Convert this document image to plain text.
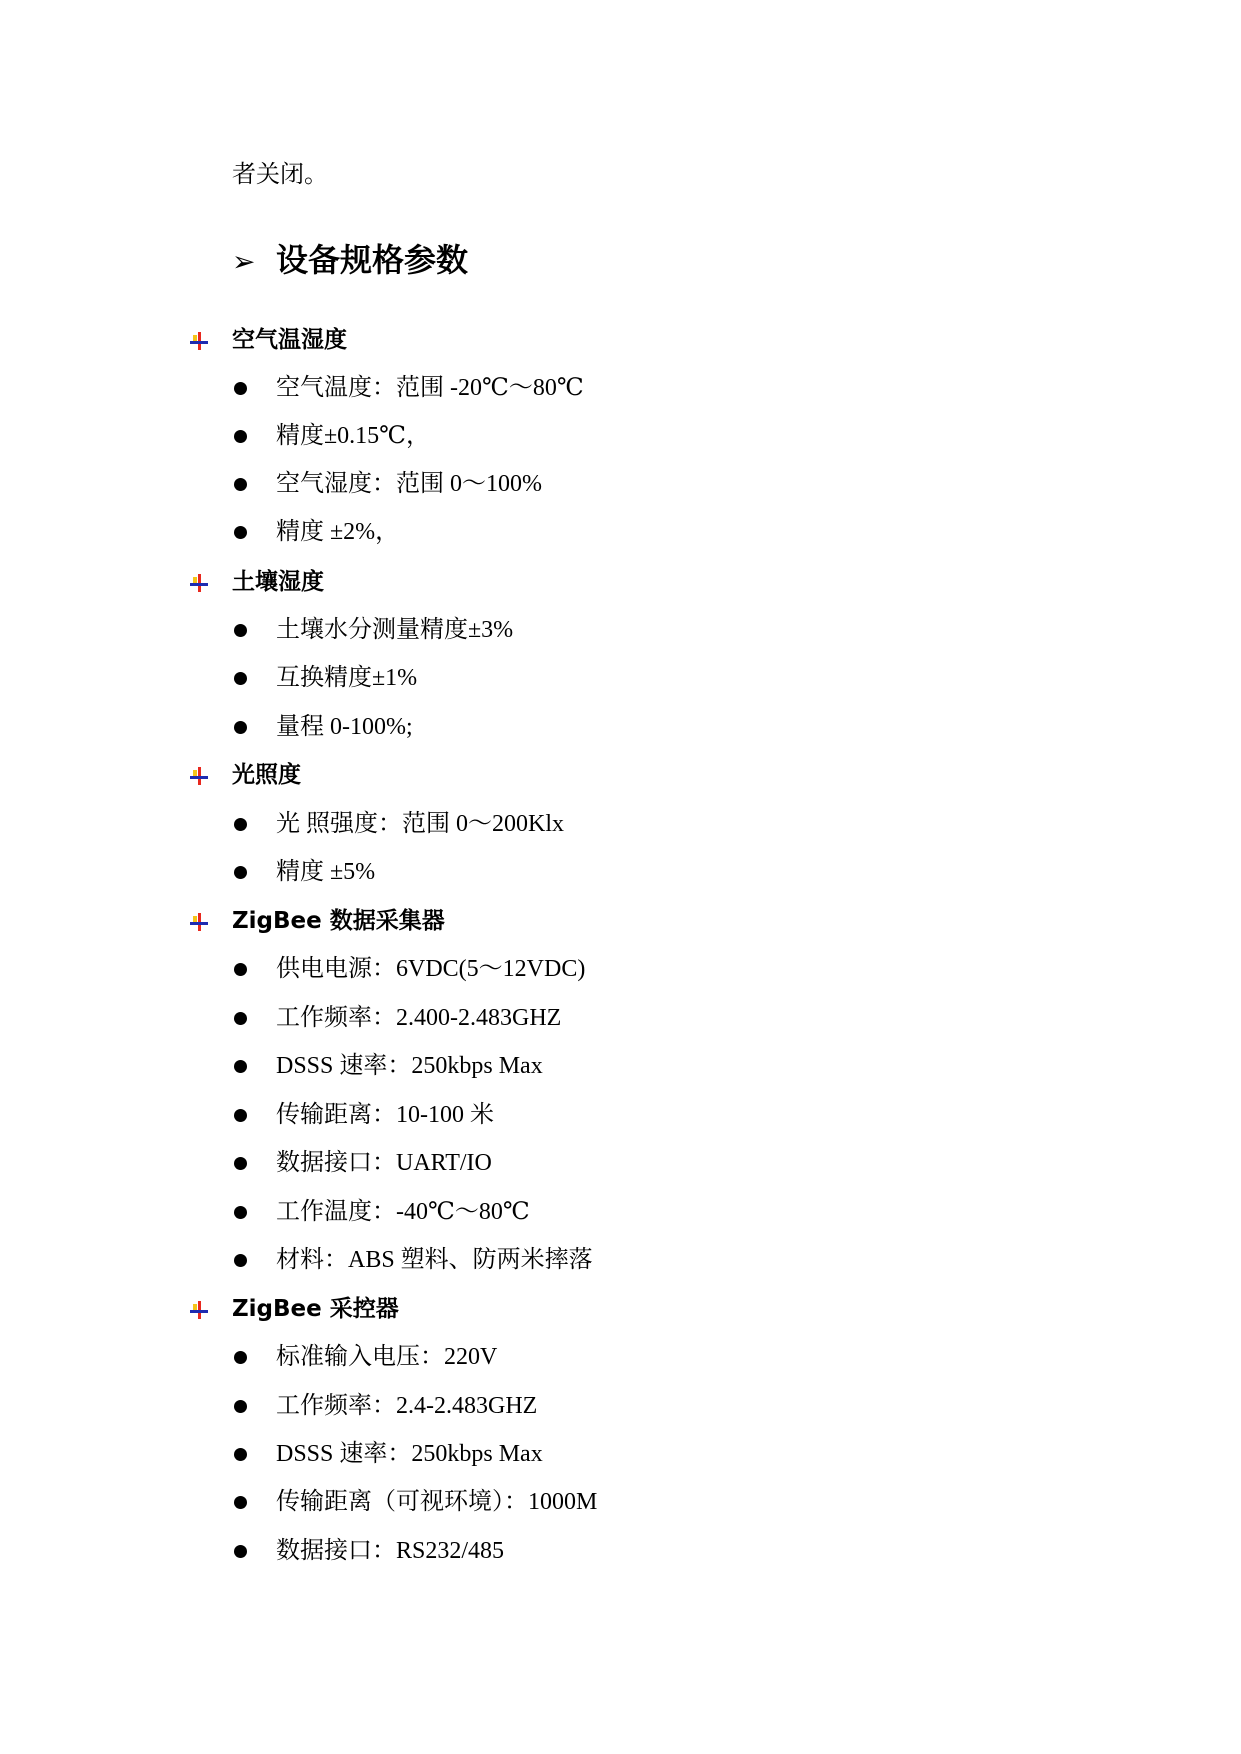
者关闭。
➢ 设备规格参数
空气温湿度
空气温度：范围 -20℃～80℃
精度±0.15℃，
空气湿度：范围 0～100%
精度 ±2%，
土壤湿度
土壤水分测量精度±3%
互换精度±1%
量程 0-100%;
光照度
光 照强度：范围 0～200Klx
精度 ±5%
ZigBee 数据采集器
供电电源：6VDC(5～12VDC)
工作频率：2.400-2.483GHZ
DSSS 速率：250kbps Max
传输距离：10-100 米
数据接口：UART/IO
工作温度：-40℃～80℃
材料：ABS 塑料、防两米摔落
ZigBee 采控器
标准输入电压：220V
工作频率：2.4-2.483GHZ
DSSS 速率：250kbps Max
传输距离（可视环境）：1000M
数据接口：RS232/485
